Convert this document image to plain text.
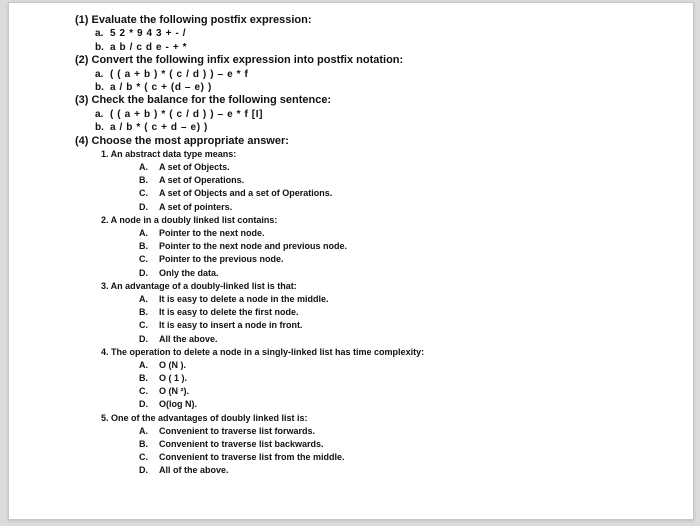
(1) Evaluate the following postfix expression:
a. 5 2 * 9 4 3 + - /
b. a b / c d e - + *
(2) Convert the following infix expression into postfix notation:
a. ( ( a + b ) * ( c / d ) ) – e * f
b. a / b * ( c + (d – e) )
(3) Check the balance for the following sentence:
a. ( ( a + b ) * ( c / d ) ) – e * f [I]
b. a / b * ( c + d – e) )
(4) Choose the most appropriate answer:
1. An abstract data type means:
A. A set of Objects.
B. A set of Operations.
C. A set of Objects and a set of Operations.
D. A set of pointers.
2. A node in a doubly linked list contains:
A. Pointer to the next node.
B. Pointer to the next node and previous node.
C. Pointer to the previous node.
D. Only the data.
3. An advantage of a doubly-linked list is that:
A. It is easy to delete a node in the middle.
B. It is easy to delete the first node.
C. It is easy to insert a node in front.
D. All the above.
4. The operation to delete a node in a singly-linked list has time complexity:
A. O (N ).
B. O ( 1 ).
C. O (N ²).
D. O(log N).
5. One of the advantages of doubly linked list is:
A. Convenient to traverse list forwards.
B. Convenient to traverse list backwards.
C. Convenient to traverse list from the middle.
D. All of the above.
